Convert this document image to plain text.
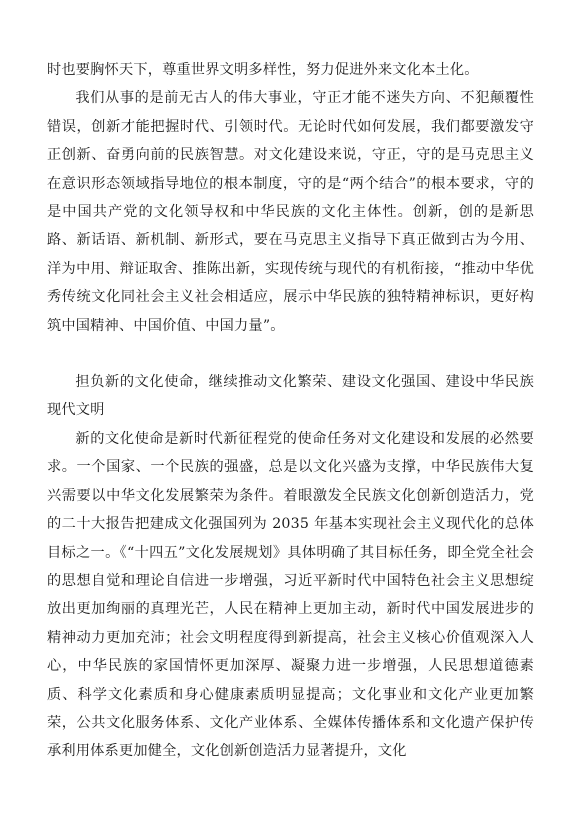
时也要胸怀天下，尊重世界文明多样性，努力促进外来文化本土化。

我们从事的是前无古人的伟大事业，守正才能不迷失方向、不犯颠覆性错误，创新才能把握时代、引领时代。无论时代如何发展，我们都要激发守正创新、奋勇向前的民族智慧。对文化建设来说，守正，守的是马克思主义在意识形态领域指导地位的根本制度，守的是“两个结合”的根本要求，守的是中国共产党的文化领导权和中华民族的文化主体性。创新，创的是新思路、新话语、新机制、新形式，要在马克思主义指导下真正做到古为今用、洋为中用、辩证取舍、推陈出新，实现传统与现代的有机衔接，“推动中华优秀传统文化同社会主义社会相适应，展示中华民族的独特精神标识，更好构筑中国精神、中国价值、中国力量”。

担负新的文化使命，继续推动文化繁荣、建设文化强国、建设中华民族现代文明

新的文化使命是新时代新征程党的使命任务对文化建设和发展的必然要求。一个国家、一个民族的强盛，总是以文化兴盛为支撑，中华民族伟大复兴需要以中华文化发展繁荣为条件。着眼激发全民族文化创新创造活力，党的二十大报告把建成文化强国列为 2035 年基本实现社会主义现代化的总体目标之一。《“十四五”文化发展规划》具体明确了其目标任务，即全党全社会的思想自觉和理论自信进一步增强，习近平新时代中国特色社会主义思想绽放出更加绚丽的真理光芒，人民在精神上更加主动，新时代中国发展进步的精神动力更加充沛；社会文明程度得到新提高，社会主义核心价值观深入人心，中华民族的家国情怀更加深厚、凝聚力进一步增强，人民思想道德素质、科学文化素质和身心健康素质明显提高；文化事业和文化产业更加繁荣，公共文化服务体系、文化产业体系、全媒体传播体系和文化遗产保护传承利用体系更加健全，文化创新创造活力显著提升，文化
